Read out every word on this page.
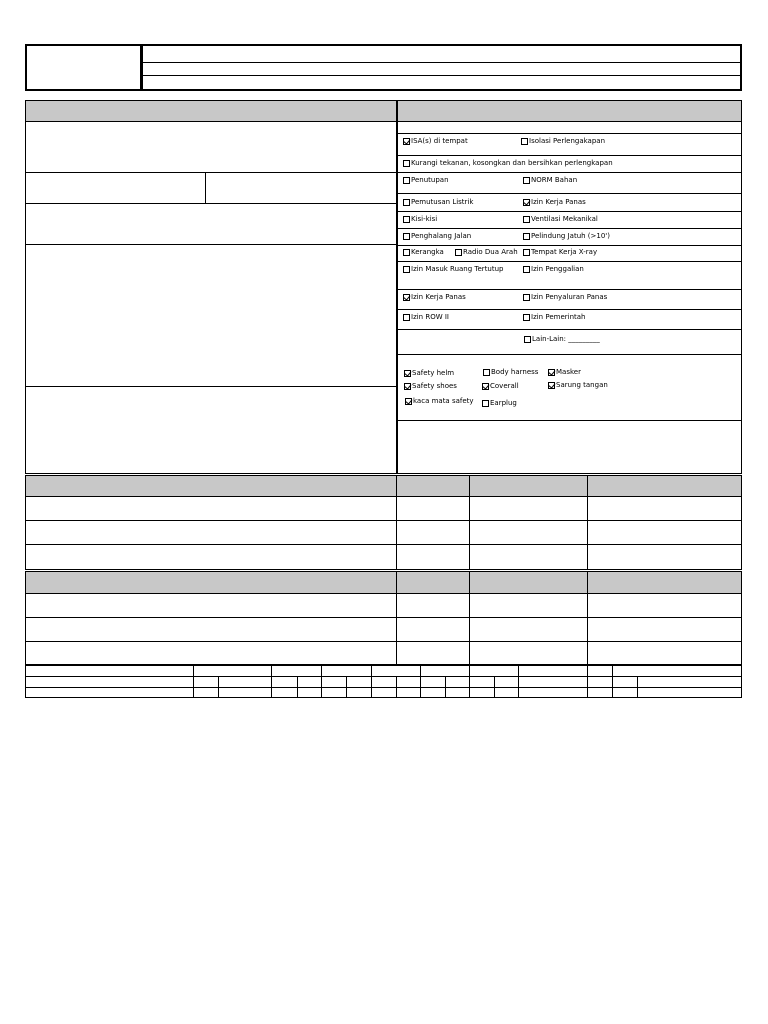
ISA(s) di tempat	Isolasi Perlengakapan
Kurangi tekanan, kosongkan dan bersihkan perlengkapan
Penutupan	NORM Bahan
Pemutusan Listrik	Izin Kerja Panas
Kisi-kisi	Ventilasi Mekanikal
Penghalang Jalan	Pelindung Jatuh (>10')
Kerangka	Radio Dua Arah	Tempat Kerja X-ray
Izin Masuk Ruang Tertutup	Izin Penggalian
Izin Kerja Panas	Izin Penyaluran Panas
Izin ROW II	Izin Pemerintah
Lain-Lain: _________
Safety helm	Body harness	Masker
Safety shoes	Coverall	Sarung tangan
kaca mata safety	Earplug
